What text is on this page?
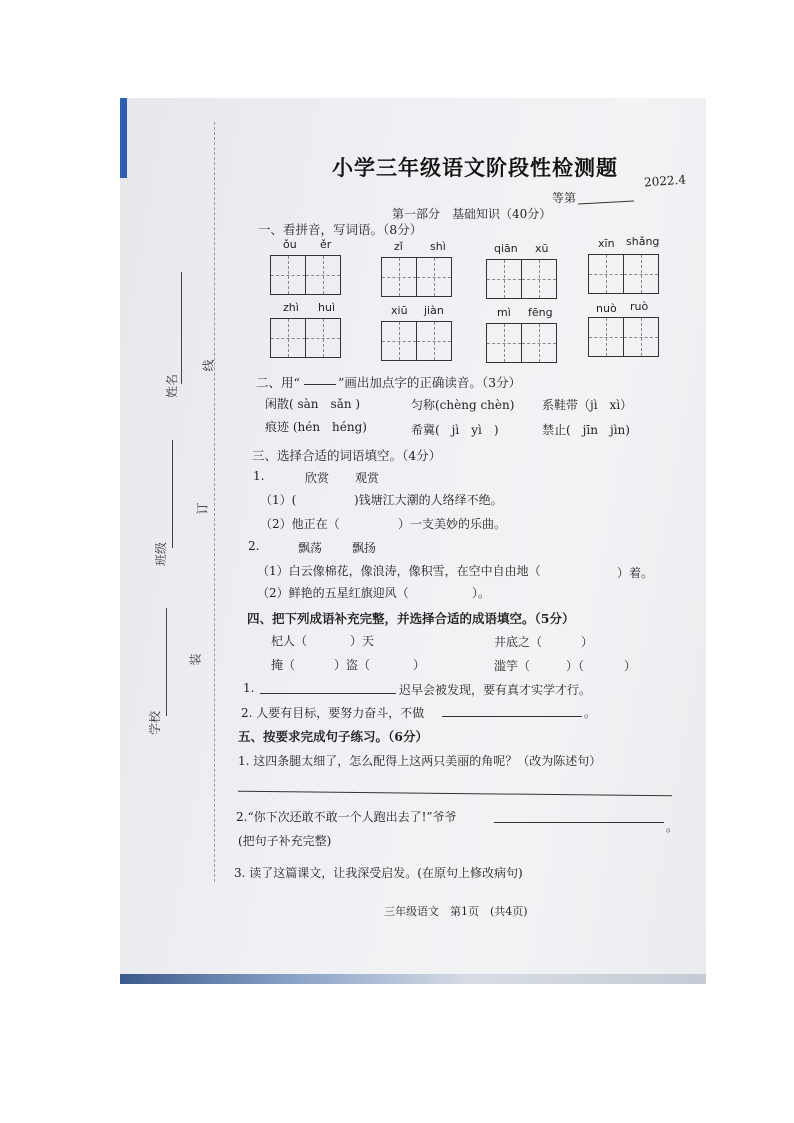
姓名
班级
学校
线
订
装
小学三年级语文阶段性检测题
2022.4
等第
第一部分　基础知识（40分）
一、看拼音，写词语。（8分）
ǒu ěr	zǐ shì	qiān xū	xīn shǎng
zhì huì	xiū jiàn	mì fēng	nuò ruò
二、用“	”画出加点字的正确读音。（3分）
闲散( sàn　sǎn )	匀称(chèng chèn) 系鞋带（jì　xì）
痕迹 (hén　héng)	希冀(　jì　yì　)	禁止(　jīn　jìn)
三、选择合适的词语填空。（4分）
1.	欣赏 观赏
（1）(	)钱塘江大潮的人络绎不绝。
（2）他正在（	）一支美妙的乐曲。
2.	飘荡 飘扬
（1）白云像棉花，像浪涛，像积雪，在空中自由地（	）着。
（2）鲜艳的五星红旗迎风（	）。
四、把下列成语补充完整，并选择合适的成语填空。（5分）
杞人（	）天	井底之（	）
掩（	）盗（	）	滥竽（	）（	）
1.	迟早会被发现，要有真才实学才行。
2. 人要有目标，要努力奋斗，不做	。
五、按要求完成句子练习。（6分）
1. 这四条腿太细了，怎么配得上这两只美丽的角呢？（改为陈述句）
2.“你下次还敢不敢一个人跑出去了!”爷爷
。
(把句子补充完整)
3. 读了这篇课文，让我深受启发。(在原句上修改病句)
三年级语文　第1页　(共4页)
